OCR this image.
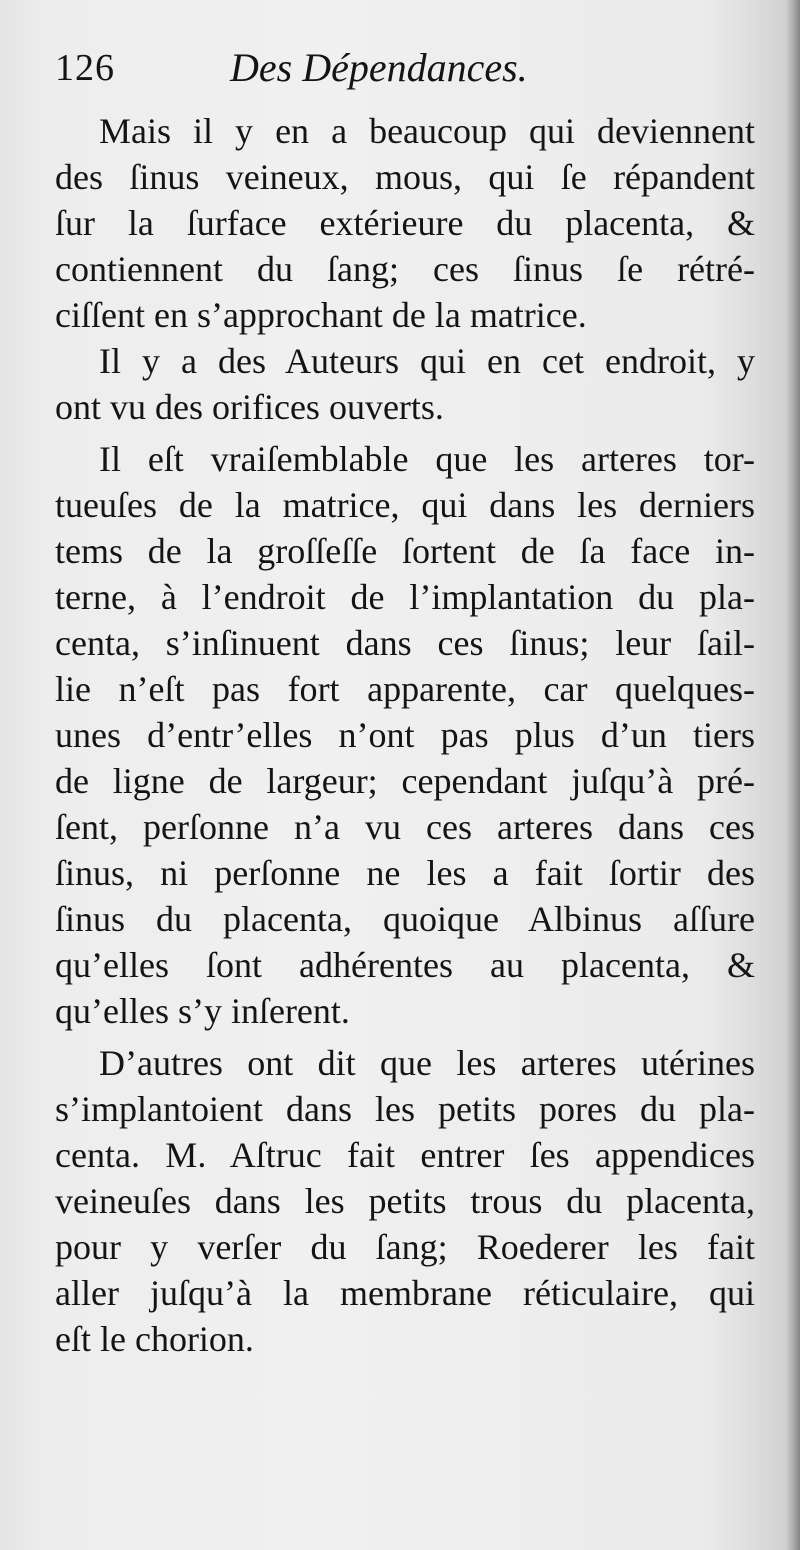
126	Des Dépendances.
Mais il y en a beaucoup qui deviennent
des ſinus veineux, mous, qui ſe répandent
ſur la ſurface extérieure du placenta, &
contiennent du ſang; ces ſinus ſe rétré-
ciſſent en s’approchant de la matrice.
Il y a des Auteurs qui en cet endroit, y
ont vu des orifices ouverts.
Il eſt vraiſemblable que les arteres tor-
tueuſes de la matrice, qui dans les derniers
tems de la groſſeſſe ſortent de ſa face in-
terne, à l’endroit de l’implantation du pla-
centa, s’inſinuent dans ces ſinus; leur ſail-
lie n’eſt pas fort apparente, car quelques-
unes d’entr’elles n’ont pas plus d’un tiers
de ligne de largeur; cependant juſqu’à pré-
ſent, perſonne n’a vu ces arteres dans ces
ſinus, ni perſonne ne les a fait ſortir des
ſinus du placenta, quoique Albinus aſſure
qu’elles ſont adhérentes au placenta, &
qu’elles s’y inſerent.
D’autres ont dit que les arteres utérines
s’implantoient dans les petits pores du pla-
centa. M. Aſtruc fait entrer ſes appendices
veineuſes dans les petits trous du placenta,
pour y verſer du ſang; Roederer les fait
aller juſqu’à la membrane réticulaire, qui
eſt le chorion.
